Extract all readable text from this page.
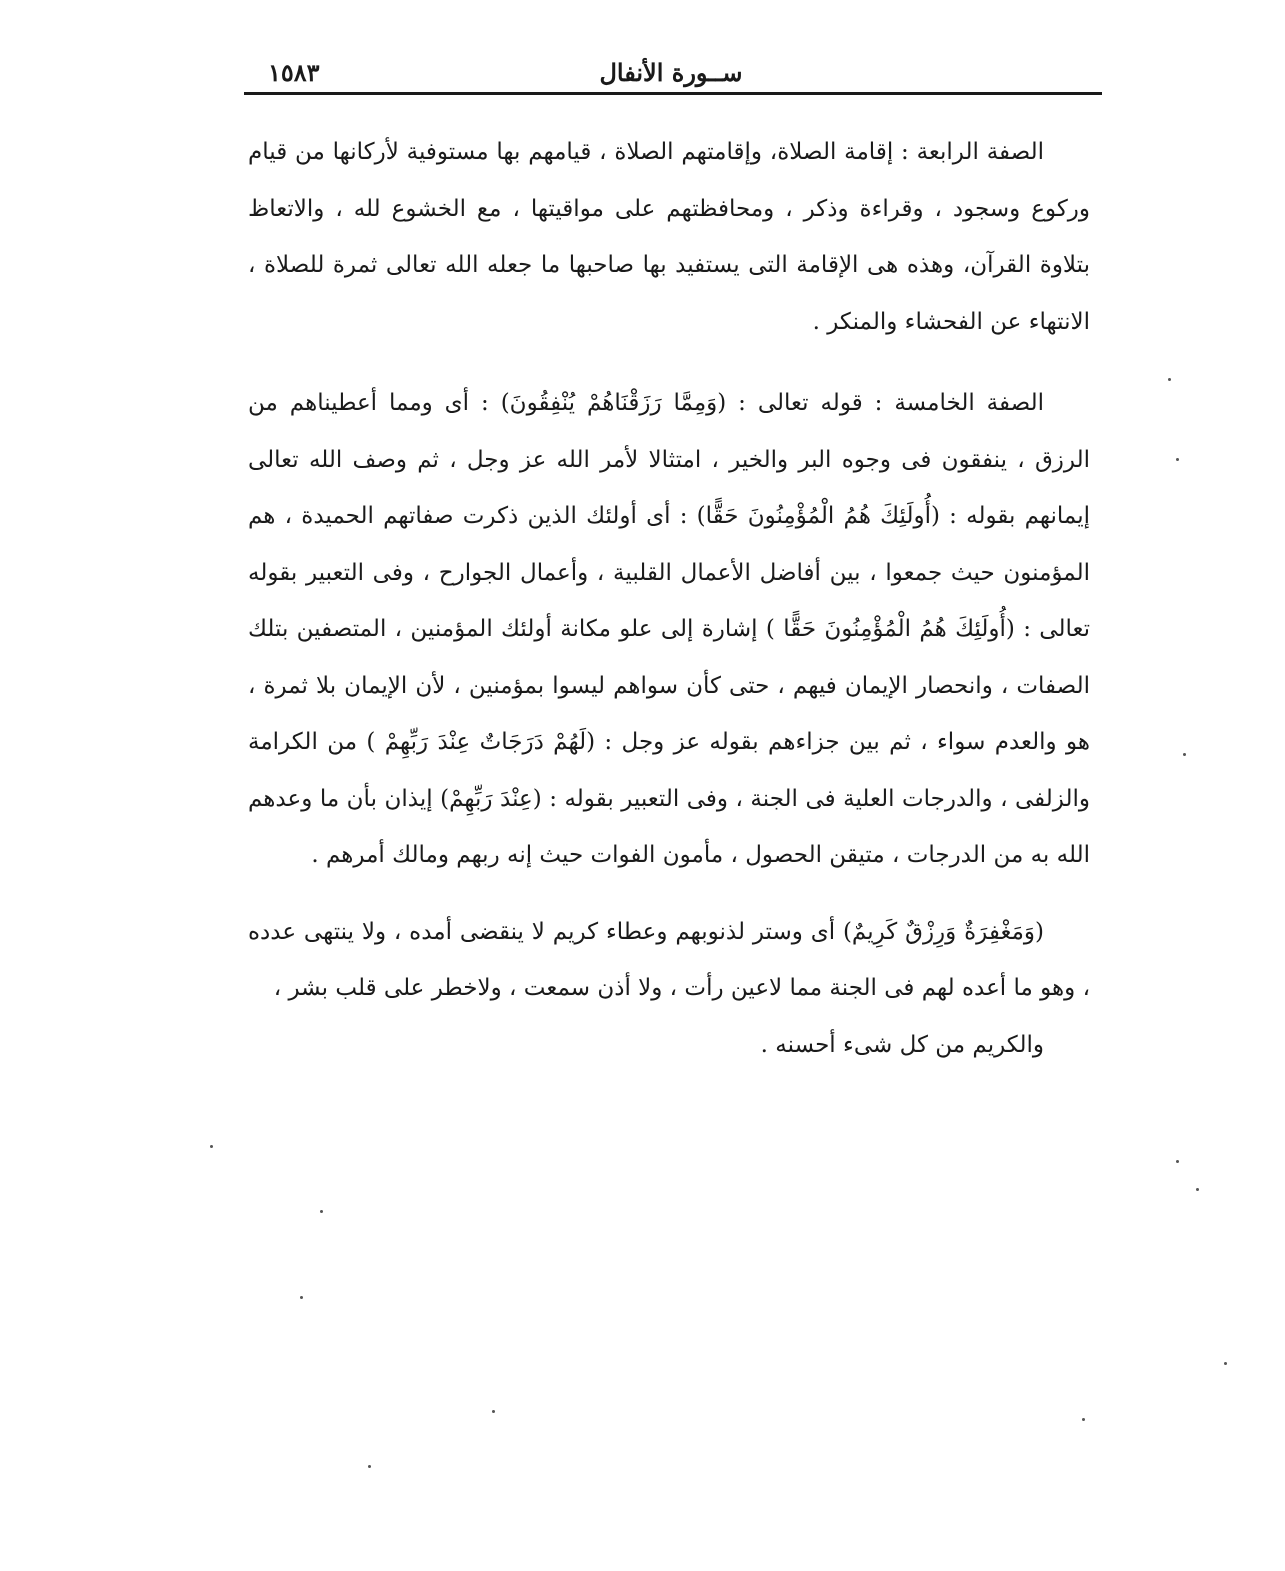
١٥٨٣	ســورة الأنفال

الصفة الرابعة : إقامة الصلاة، وإقامتهم الصلاة ، قيامهم بها مستوفية لأركانها من قيام وركوع وسجود ، وقراءة وذكر ، ومحافظتهم على مواقيتها ، مع الخشوع لله ، والاتعاظ بتلاوة القرآن، وهذه هى الإقامة التى يستفيد بها صاحبها ما جعله الله تعالى ثمرة للصلاة ، الانتهاء عن الفحشاء والمنكر .

الصفة الخامسة : قوله تعالى : (وَمِمَّا رَزَقْنَاهُمْ يُنْفِقُونَ) : أى ومما أعطيناهم من الرزق ، ينفقون فى وجوه البر والخير ، امتثالا لأمر الله عز وجل ، ثم وصف الله تعالى إيمانهم بقوله : (أُولَئِكَ هُمُ الْمُؤْمِنُونَ حَقًّا) : أى أولئك الذين ذكرت صفاتهم الحميدة ، هم المؤمنون حيث جمعوا ، بين أفاضل الأعمال القلبية ، وأعمال الجوارح ، وفى التعبير بقوله تعالى : (أُولَئِكَ هُمُ الْمُؤْمِنُونَ حَقًّا ) إشارة إلى علو مكانة أولئك المؤمنين ، المتصفين بتلك الصفات ، وانحصار الإيمان فيهم ، حتى كأن سواهم ليسوا بمؤمنين ، لأن الإيمان بلا ثمرة ، هو والعدم سواء ، ثم بين جزاءهم بقوله عز وجل : (لَهُمْ دَرَجَاتٌ عِنْدَ رَبِّهِمْ ) من الكرامة والزلفى ، والدرجات العلية فى الجنة ، وفى التعبير بقوله : (عِنْدَ رَبِّهِمْ) إيذان بأن ما وعدهم الله به من الدرجات ، متيقن الحصول ، مأمون الفوات حيث إنه ربهم ومالك أمرهم .

(وَمَغْفِرَةٌ وَرِزْقٌ كَرِيمٌ) أى وستر لذنوبهم وعطاء كريم لا ينقضى أمده ، ولا ينتهى عدده ، وهو ما أعده لهم فى الجنة مما لاعين رأت ، ولا أذن سمعت ، ولاخطر على قلب بشر ،

والكريم من كل شىء أحسنه .
